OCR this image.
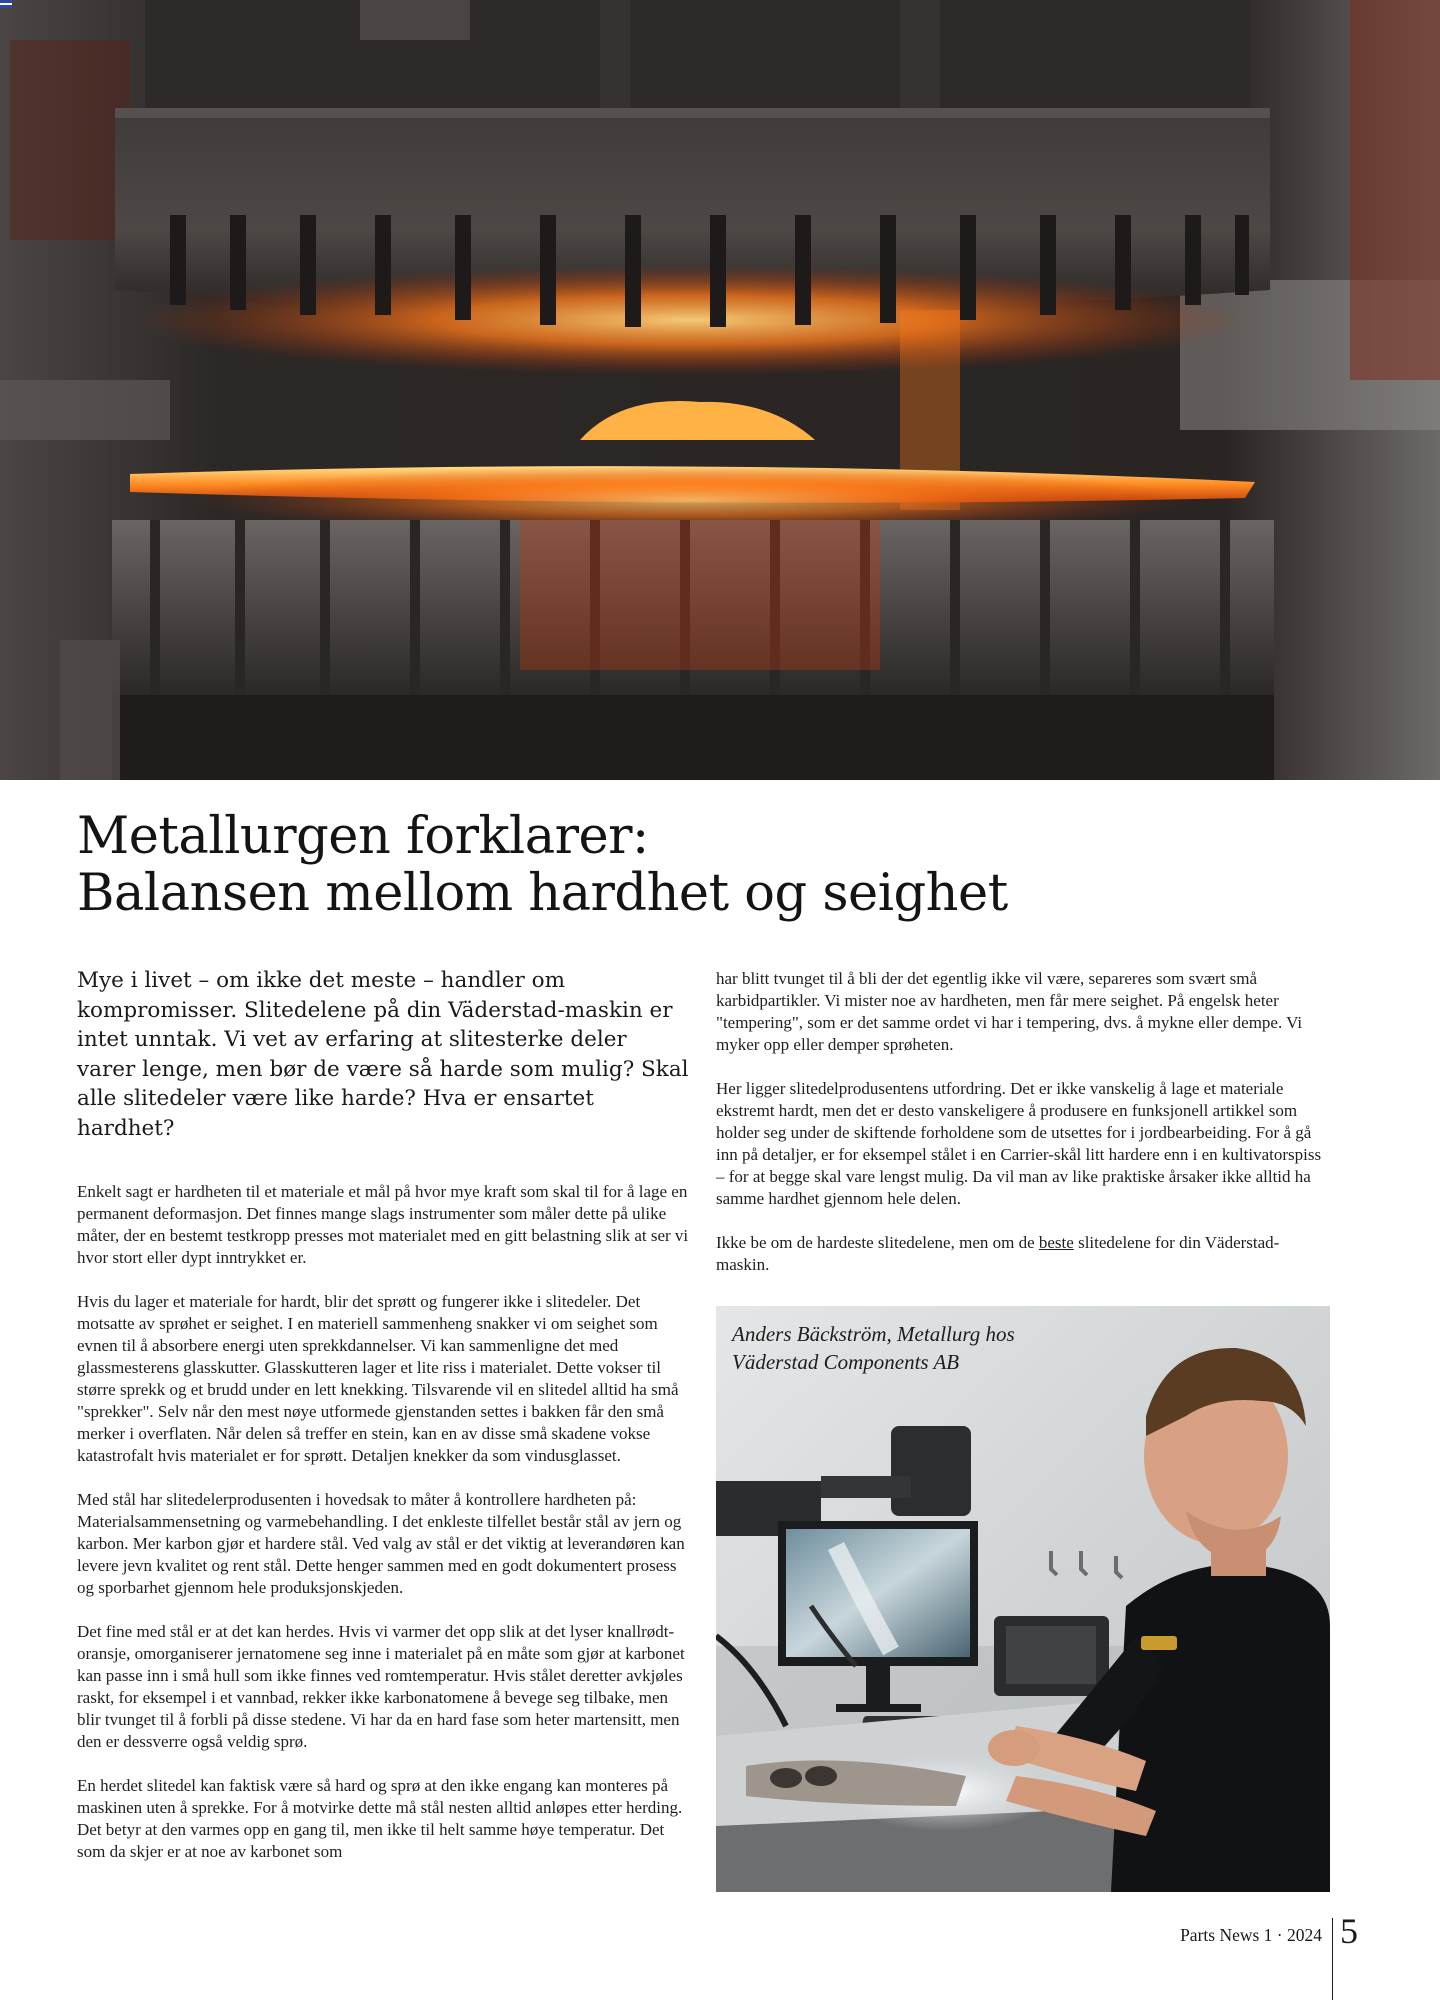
Metallurgen forklarer:
Balansen mellom hardhet og seighet

Mye i livet – om ikke det meste – handler om kompromisser. Slitedelene på din Väderstad-maskin er intet unntak. Vi vet av erfaring at slitesterke deler varer lenge, men bør de være så harde som mulig? Skal alle slitedeler være like harde? Hva er ensartet hardhet?

Enkelt sagt er hardheten til et materiale et mål på hvor mye kraft som skal til for å lage en permanent deformasjon. Det finnes mange slags instrumenter som måler dette på ulike måter, der en bestemt testkropp presses mot materialet med en gitt belastning slik at ser vi hvor stort eller dypt inntrykket er.

Hvis du lager et materiale for hardt, blir det sprøtt og fungerer ikke i slitedeler. Det motsatte av sprøhet er seighet. I en materiell sammenheng snakker vi om seighet som evnen til å absorbere energi uten sprekkdannelser. Vi kan sammenligne det med glassmesterens glasskutter. Glasskutteren lager et lite riss i materialet. Dette vokser til større sprekk og et brudd under en lett knekking. Tilsvarende vil en slitedel alltid ha små "sprekker". Selv når den mest nøye utformede gjenstanden settes i bakken får den små merker i overflaten. Når delen så treffer en stein, kan en av disse små skadene vokse katastrofalt hvis materialet er for sprøtt. Detaljen knekker da som vindusglasset.

Med stål har slitedelerprodusenten i hovedsak to måter å kontrollere hardheten på: Materialsammensetning og varmebehandling. I det enkleste tilfellet består stål av jern og karbon. Mer karbon gjør et hardere stål. Ved valg av stål er det viktig at leverandøren kan levere jevn kvalitet og rent stål. Dette henger sammen med en godt dokumentert prosess og sporbarhet gjennom hele produksjonskjeden.

Det fine med stål er at det kan herdes. Hvis vi varmer det opp slik at det lyser knallrødt-oransje, omorganiserer jernatomene seg inne i materialet på en måte som gjør at karbonet kan passe inn i små hull som ikke finnes ved romtemperatur. Hvis stålet deretter avkjøles raskt, for eksempel i et vannbad, rekker ikke karbonatomene å bevege seg tilbake, men blir tvunget til å forbli på disse stedene. Vi har da en hard fase som heter martensitt, men den er dessverre også veldig sprø.

En herdet slitedel kan faktisk være så hard og sprø at den ikke engang kan monteres på maskinen uten å sprekke. For å motvirke dette må stål nesten alltid anløpes etter herding. Det betyr at den varmes opp en gang til, men ikke til helt samme høye temperatur. Det som da skjer er at noe av karbonet som

har blitt tvunget til å bli der det egentlig ikke vil være, separeres som svært små karbidpartikler. Vi mister noe av hardheten, men får mere seighet. På engelsk heter "tempering", som er det samme ordet vi har i tempering, dvs. å mykne eller dempe. Vi myker opp eller demper sprøheten.

Her ligger slitedelprodusentens utfordring. Det er ikke vanskelig å lage et materiale ekstremt hardt, men det er desto vanskeligere å produsere en funksjonell artikkel som holder seg under de skiftende forholdene som de utsettes for i jordbearbeiding. For å gå inn på detaljer, er for eksempel stålet i en Carrier-skål litt hardere enn i en kultivatorspiss – for at begge skal vare lengst mulig. Da vil man av like praktiske årsaker ikke alltid ha samme hardhet gjennom hele delen.

Ikke be om de hardeste slitedelene, men om de beste slitedelene for din Väderstad-maskin.

Anders Bäckström, Metallurg hos
Väderstad Components AB

Parts News 1 · 2024 5
